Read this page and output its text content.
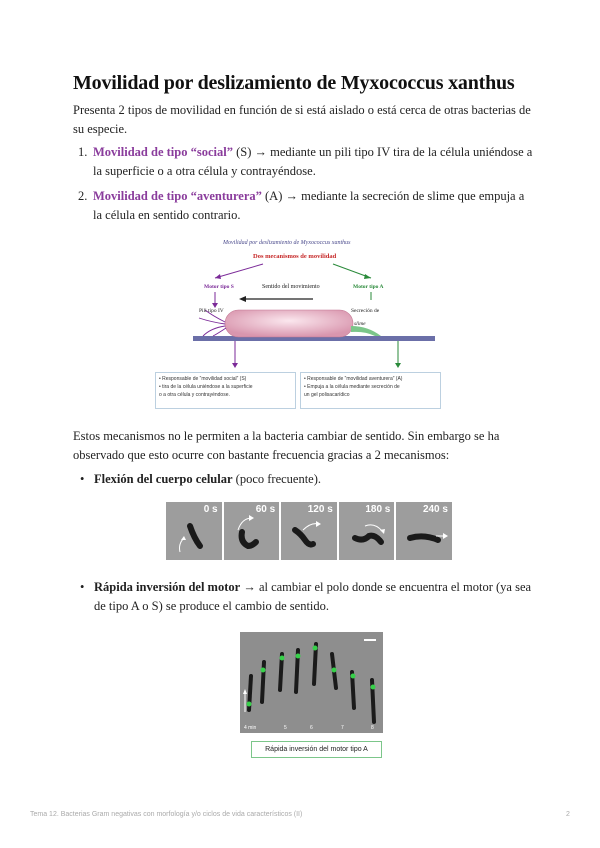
Movilidad por deslizamiento de Myxococcus xanthus
Presenta 2 tipos de movilidad en función de si está aislado o está cerca de otras bacterias de su especie.
1. Movilidad de tipo “social” (S) → mediante un pili tipo IV tira de la célula uniéndose a la superficie o a otra célula y contrayéndose.
2. Movilidad de tipo “aventurera” (A) → mediante la secreción de slime que empuja a la célula en sentido contrario.
Movilidad por deslizamiento de Myxococcus xanthus
Dos mecanismos de movilidad
Motor tipo S	Sentido del movimiento	Motor tipo A
Pili tipo IV	Secreción de
slime
• Responsable de “movilidad social” (S)
• tira de la célula uniéndose a la superficie
o a otra célula y contrayéndose.
• Responsable de “movilidad aventurera” (A)
• Empuja a la célula mediante secreción de
un gel polisacarídico
Estos mecanismos no le permiten a la bacteria cambiar de sentido. Sin embargo se ha observado que esto ocurre con bastante frecuencia gracias a 2 mecanismos:
• Flexión del cuerpo celular (poco frecuente).
0 s	60 s	120 s	180 s	240 s
• Rápida inversión del motor → al cambiar el polo donde se encuentra el motor (ya sea de tipo A o S) se produce el cambio de sentido.
4 min	5	6	7	8
Rápida inversión del motor tipo A
Tema 12. Bacterias Gram negativas con morfología y/o ciclos de vida característicos (II)	2
